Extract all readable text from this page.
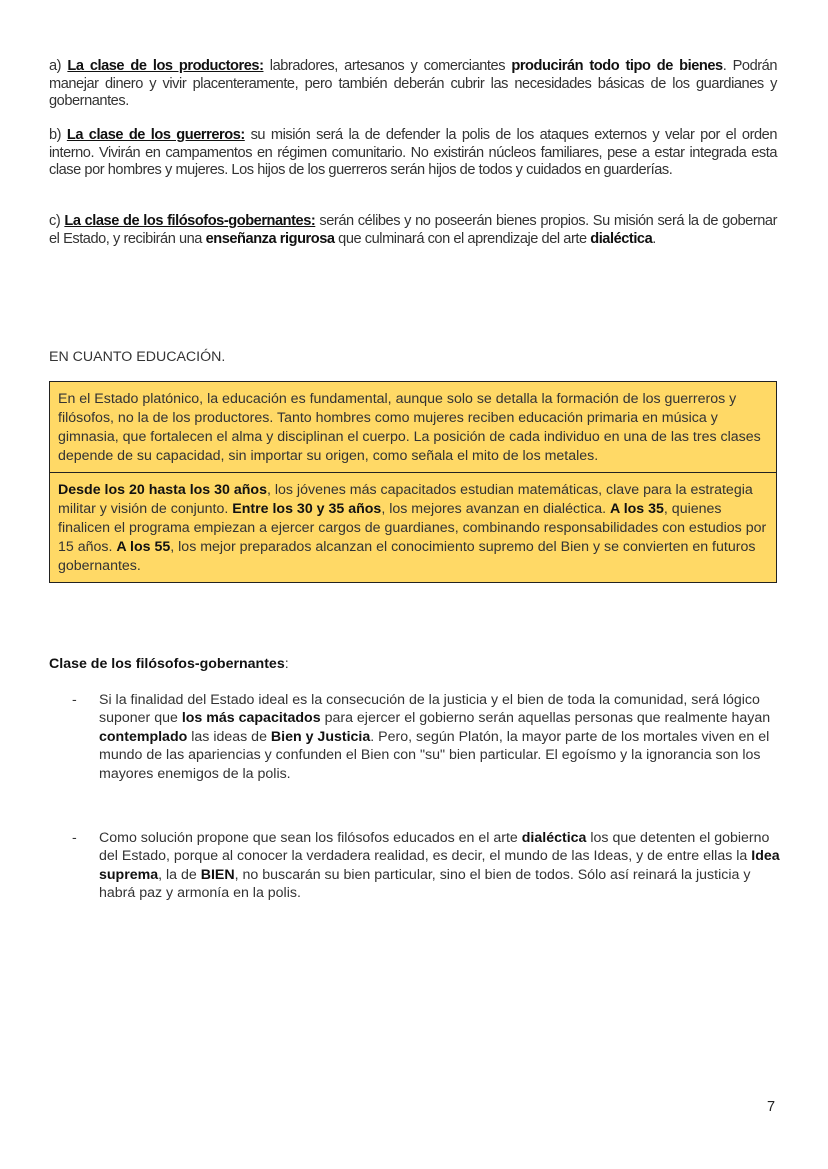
a) La clase de los productores: labradores, artesanos y comerciantes producirán todo tipo de bienes. Podrán manejar dinero y vivir placenteramente, pero también deberán cubrir las necesidades básicas de los guardianes y gobernantes.
b) La clase de los guerreros: su misión será la de defender la polis de los ataques externos y velar por el orden interno. Vivirán en campamentos en régimen comunitario. No existirán núcleos familiares, pese a estar integrada esta clase por hombres y mujeres. Los hijos de los guerreros serán hijos de todos y cuidados en guarderías.
c) La clase de los filósofos-gobernantes: serán célibes y no poseerán bienes propios. Su misión será la de gobernar el Estado, y recibirán una enseñanza rigurosa que culminará con el aprendizaje del arte dialéctica.
EN CUANTO EDUCACIÓN.
En el Estado platónico, la educación es fundamental, aunque solo se detalla la formación de los guerreros y filósofos, no la de los productores. Tanto hombres como mujeres reciben educación primaria en música y gimnasia, que fortalecen el alma y disciplinan el cuerpo. La posición de cada individuo en una de las tres clases depende de su capacidad, sin importar su origen, como señala el mito de los metales.
Desde los 20 hasta los 30 años, los jóvenes más capacitados estudian matemáticas, clave para la estrategia militar y visión de conjunto. Entre los 30 y 35 años, los mejores avanzan en dialéctica. A los 35, quienes finalicen el programa empiezan a ejercer cargos de guardianes, combinando responsabilidades con estudios por 15 años. A los 55, los mejor preparados alcanzan el conocimiento supremo del Bien y se convierten en futuros gobernantes.
Clase de los filósofos-gobernantes:
- Si la finalidad del Estado ideal es la consecución de la justicia y el bien de toda la comunidad, será lógico suponer que los más capacitados para ejercer el gobierno serán aquellas personas que realmente hayan contemplado las ideas de Bien y Justicia. Pero, según Platón, la mayor parte de los mortales viven en el mundo de las apariencias y confunden el Bien con "su" bien particular. El egoísmo y la ignorancia son los mayores enemigos de la polis.
- Como solución propone que sean los filósofos educados en el arte dialéctica los que detenten el gobierno del Estado, porque al conocer la verdadera realidad, es decir, el mundo de las Ideas, y de entre ellas la Idea suprema, la de BIEN, no buscarán su bien particular, sino el bien de todos. Sólo así reinará la justicia y habrá paz y armonía en la polis.
7
